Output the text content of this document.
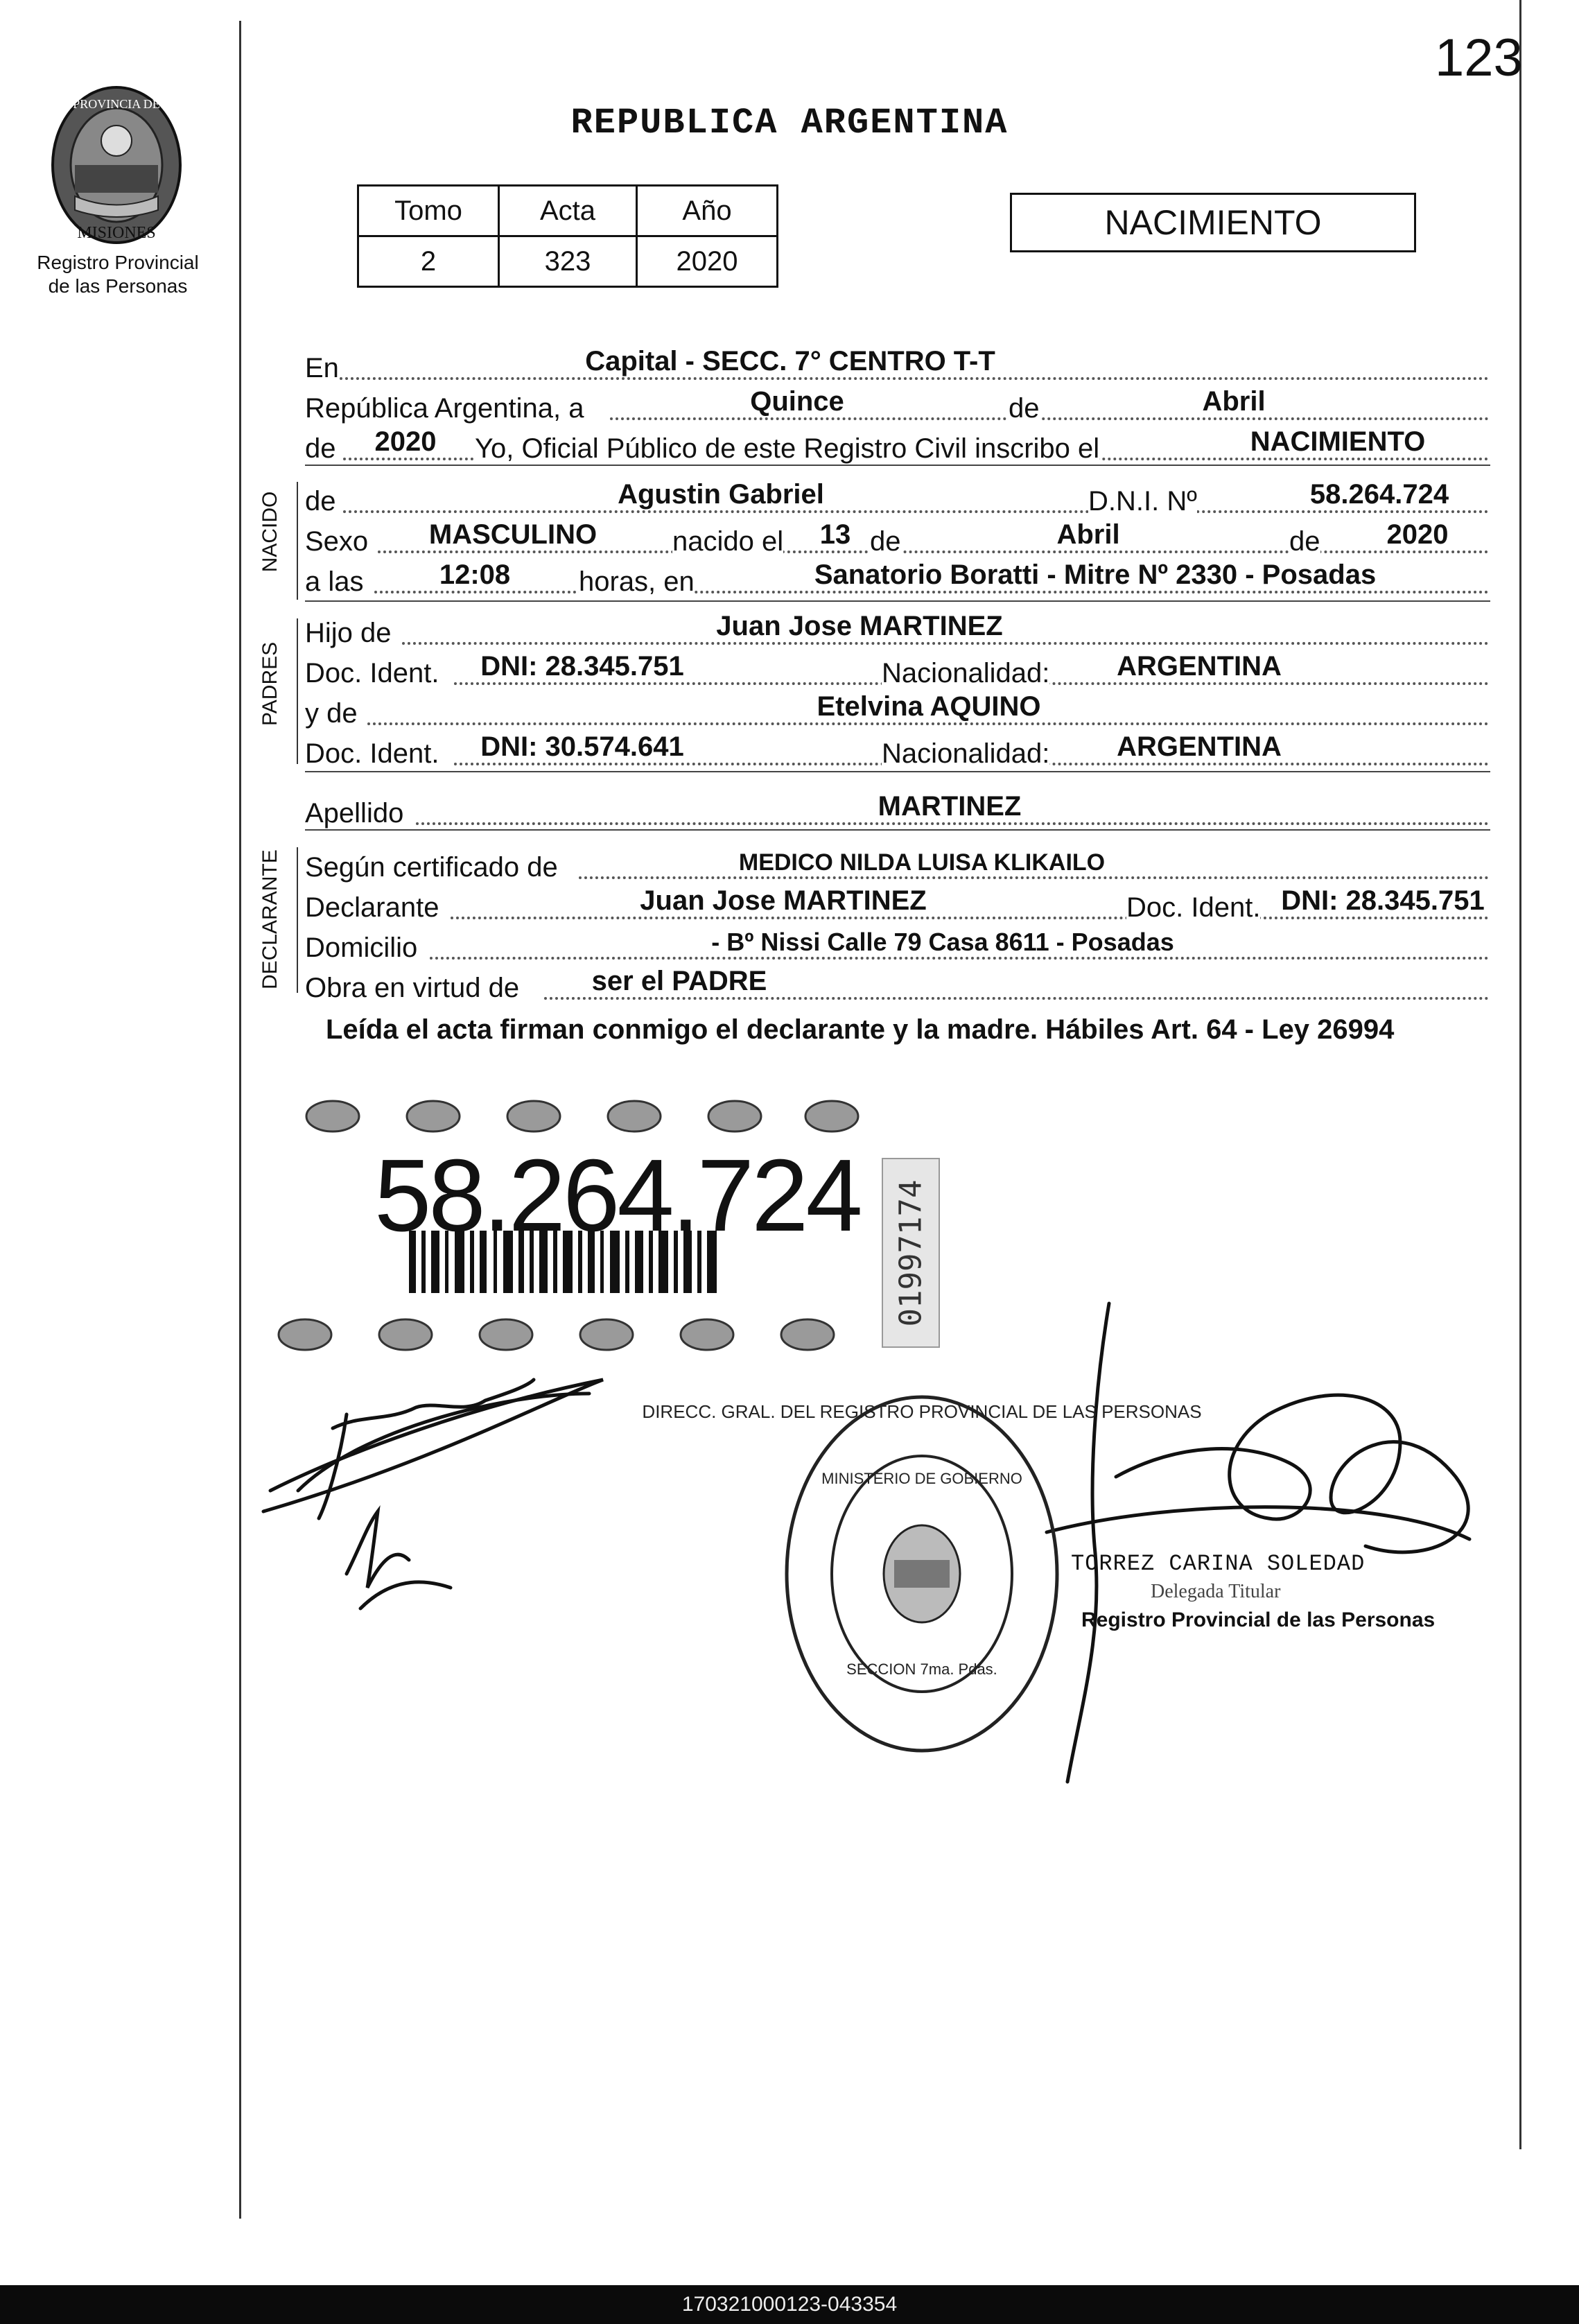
123
PROVINCIA DE
MISIONES
Registro Provincial
de las Personas
REPUBLICA ARGENTINA
Tomo	Acta	Año
2	323	2020
NACIMIENTO
En	Capital - SECC. 7° CENTRO T-T
República Argentina, a	Quince	de	Abril
de	2020	Yo, Oficial Público de este Registro Civil inscribo el	NACIMIENTO
NACIDO de	Agustin Gabriel	D.N.I. Nº	58.264.724
Sexo	MASCULINO	nacido el	13 de	Abril	de	2020
a las	12:08	horas, en	Sanatorio Boratti - Mitre Nº 2330 - Posadas
PADRES
Hijo de	Juan Jose MARTINEZ
Doc. Ident.	DNI: 28.345.751	Nacionalidad:	ARGENTINA
y de	Etelvina AQUINO
Doc. Ident.	DNI: 30.574.641	Nacionalidad:	ARGENTINA
Apellido	MARTINEZ
DECLARANTE Según certificado de	MEDICO NILDA LUISA KLIKAILO
Declarante	Juan Jose MARTINEZ	Doc. Ident. DNI: 28.345.751
Domicilio	- Bº Nissi Calle 79 Casa 8611 - Posadas
Obra en virtud de	ser el PADRE
Leída el acta firman conmigo el declarante y la madre. Hábiles Art. 64 - Ley 26994
58.264.724 01997174
DIRECC. GRAL. DEL REGISTRO PROVINCIAL DE LAS PERSONAS
MINISTERIO DE GOBIERNO
SECCION 7ma. Pdas.
TORREZ CARINA SOLEDAD
Delegada Titular
Registro Provincial de las Personas
170321000123-043354
